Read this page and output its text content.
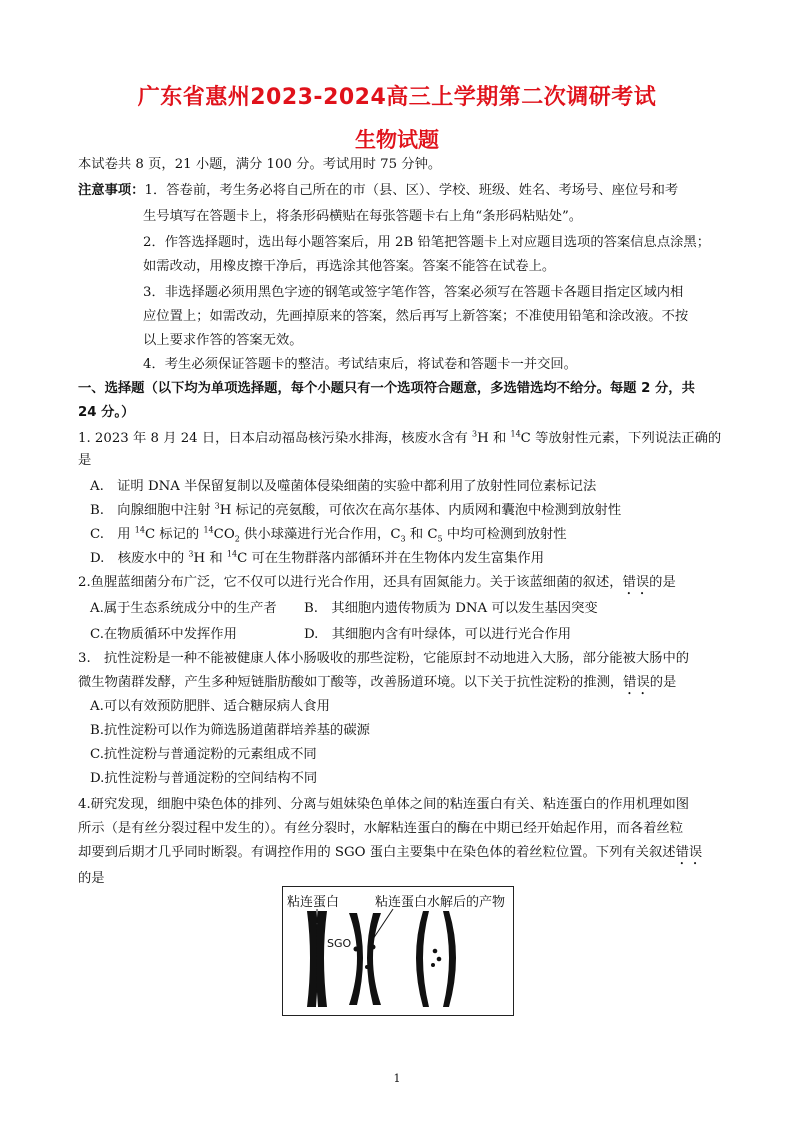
广东省惠州2023-2024高三上学期第二次调研考试
生物试题
本试卷共 8 页，21 小题，满分 100 分。考试用时 75 分钟。
注意事项：1．答卷前，考生务必将自己所在的市（县、区）、学校、班级、姓名、考场号、座位号和考
生号填写在答题卡上，将条形码横贴在每张答题卡右上角“条形码粘贴处”。
2．作答选择题时，选出每小题答案后，用 2B 铅笔把答题卡上对应题目选项的答案信息点涂黑；
如需改动，用橡皮擦干净后，再选涂其他答案。答案不能答在试卷上。
3．非选择题必须用黑色字迹的钢笔或签字笔作答，答案必须写在答题卡各题目指定区域内相
应位置上；如需改动，先画掉原来的答案，然后再写上新答案；不准使用铅笔和涂改液。不按
以上要求作答的答案无效。
4．考生必须保证答题卡的整洁。考试结束后，将试卷和答题卡一并交回。
一、选择题（以下均为单项选择题，每个小题只有一个选项符合题意，多选错选均不给分。每题 2 分，共
24 分。）
1. 2023 年 8 月 24 日，日本启动福岛核污染水排海，核废水含有 $^3$H 和 $^{14}$C 等放射性元素，下列说法正确的
是
A.　证明 DNA 半保留复制以及噬菌体侵染细菌的实验中都利用了放射性同位素标记法
B.　向腺细胞中注射 $^3$H 标记的亮氨酸，可依次在高尔基体、内质网和囊泡中检测到放射性
C.　用 $^{14}$C 标记的 $^{14}CO_2$ 供小球藻进行光合作用，$C_3$ 和 $C_5$ 中均可检测到放射性
D.　核废水中的 $^3$H 和 $^{14}$C 可在生物群落内部循环并在生物体内发生富集作用
2.鱼腥蓝细菌分布广泛，它不仅可以进行光合作用，还具有固氮能力。关于该蓝细菌的叙述，错误的是
A.属于生态系统成分中的生产者 B.　其细胞内遗传物质为 DNA 可以发生基因突变
C.在物质循环中发挥作用	D.　其细胞内含有叶绿体，可以进行光合作用
3.　抗性淀粉是一种不能被健康人体小肠吸收的那些淀粉，它能原封不动地进入大肠，部分能被大肠中的
微生物菌群发酵，产生多种短链脂肪酸如丁酸等，改善肠道环境。以下关于抗性淀粉的推测，错误的是
A.可以有效预防肥胖、适合糖尿病人食用
B.抗性淀粉可以作为筛选肠道菌群培养基的碳源
C.抗性淀粉与普通淀粉的元素组成不同
D.抗性淀粉与普通淀粉的空间结构不同
4.研究发现，细胞中染色体的排列、分离与姐妹染色单体之间的粘连蛋白有关、粘连蛋白的作用机理如图
所示（是有丝分裂过程中发生的）。有丝分裂时，水解粘连蛋白的酶在中期已经开始起作用，而各着丝粒
却要到后期才几乎同时断裂。有调控作用的 SGO 蛋白主要集中在染色体的着丝粒位置。下列有关叙述错误
的是
粘连蛋白	粘连蛋白水解后的产物
SGO
1
